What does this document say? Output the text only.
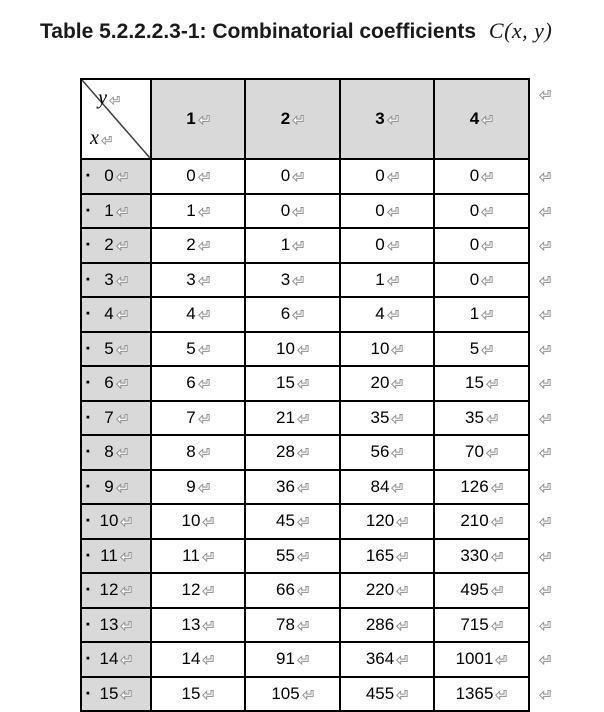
Table 5.2.2.2.3-1: Combinatorial coefficients C(x, y)
y
x	1	2	3	4	

▪ 0	0	0	0	0	

▪ 1	1	0	0	0	

▪ 2	2	1	0	0	

▪ 3	3	3	1	0	

▪ 4	4	6	4	1	

▪ 5	5	10	10	5	

▪ 6	6	15	20	15	

▪ 7	7	21	35	35	

▪ 8	8	28	56	70	

▪ 9	9	36	84	126	

▪ 10	10	45	120	210	

▪ 11	11	55	165	330	

▪ 12	12	66	220	495	

▪ 13	13	78	286	715	

▪ 14	14	91	364	1001	

▪ 15	15	105	455	1365	
